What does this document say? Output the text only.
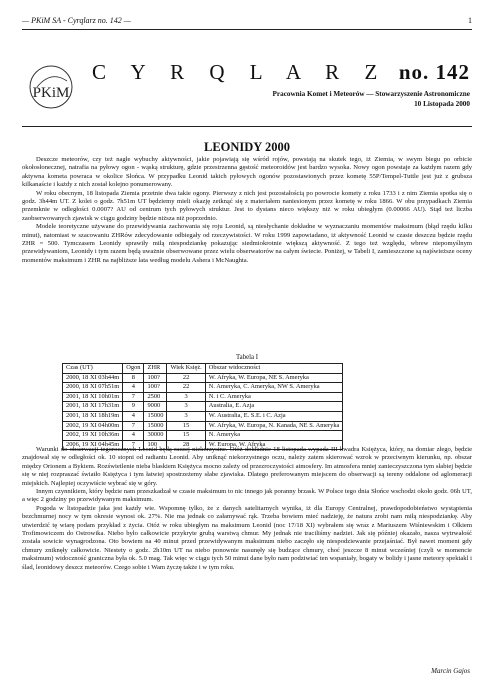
— PKiM SA - Cyrqlarz no. 142 —	1
PKiM
C Y R Q L A R Z no. 142
Pracownia Komet i Meteorów — Stowarzyszenie Astronomiczne
10 Listopada 2000
LEONIDY 2000

Deszcze meteorów, czy też nagłe wybuchy aktywności, jakie pojawiają się wśród rojów, powstają na skutek tego, iż Ziemia, w swym biegu po orbicie okołosłonecznej, natrafia na pyłowy ogon - wąską strukturę, gdzie przestrzenna gęstość meteoroidów jest bardzo wysoka. Nowy ogon powstaje za każdym razem gdy aktywna kometa powraca w okolice Słońca. W przypadku Leonid takich pyłowych ogonów pozostawionych przez kometę 55P/Tempel-Tuttle jest już z grubsza kilkanaście i każdy z nich został kolejno ponumerowany.

W roku obecnym, 18 listopada Ziemia przetnie dwa takie ogony. Pierwszy z nich jest pozostałością po powrocie komety z roku 1733 i z nim Ziemia spotka się o godz. 3h44m UT. Z kolei o godz. 7h51m UT będziemy mieli okazję zetknąć się z materiałem naniesionym przez kometę w roku 1866. W obu przypadkach Ziemia przemknie w odległości 0.0007? AU od centrum tych pyłowych struktur. Jest to dystans nieco większy niż w roku ubiegłym (0.00066 AU). Stąd też liczba zaobserwowanych zjawisk w ciągu godziny będzie niższa niż poprzednio.

Modele teoretyczne używane do przewidywania zachowania się roju Leonid, są niesłychanie dokładne w wyznaczaniu momentów maksimum (błąd rzędu kilku minut), natomiast w szacowaniu ZHRów zdecydowanie odbiegały od rzeczywistości. W roku 1999 zapowiadano, iż aktywność Leonid w czasie deszczu będzie rzędu ZHR = 500. Tymczasem Leonidy sprawiły miłą niespodziankę pokazując siedmiokrotnie większą aktywność. Z tego też względu, wbrew niepomyślnym przewidywaniom, Leonidy i tym razem będą uważnie obserwowane przez wielu obserwatorów na całym świecie. Poniżej, w Tabeli I, zamieszczone są najświeższe oceny momentów maksimum i ZHR na najbliższe lata według modelu Ashera i McNaughta.

Tabela I
Czas (UT)	Ogon	ZHR	Wiek Księż.	Obszar widoczności
2000, 18 XI 03h44m	8	100?	22	W. Afryka, W. Europa, NE S. Ameryka
2000, 18 XI 07h51m	4	100?	22	N. Ameryka, C. Ameryka, NW S. Ameryka
2001, 18 XI 10h01m	7	2500	3	N. i C. Ameryka
2001, 18 XI 17h31m	9	9000	3	Australia, E. Azja
2001, 18 XI 18h19m	4	15000	3	W. Australia, E. S.E. i C. Azja
2002, 19 XI 04h00m	7	15000	15	W. Afryka, W. Europa, N. Kanada, NE S. Ameryka
2002, 19 XI 10h36m	4	30000	15	N. Ameryka
2006, 19 XI 04h45m	7	100	28	W. Europa, W. Afryka

Warunki do obserwacji tegorocznych Leonid będą raczej niekorzystne. Otóż dokładnie 18 listopada wypada III kwadra Księżyca, który, na domiar złego, będzie znajdował się w odległości ok. 10 stopni od radiantu Leonid. Aby uniknąć niekorzystnego oczu, należy zatem skierować wzrok w przeciwnym kierunku, np. obszar między Orionem a Bykiem. Rozświetlenie nieba blaskiem Księżyca mocno zależy od przezroczystości atmosfery. Im atmosfera mniej zanieczyszczona tym słabiej będzie się w niej rozpraszać światło Księżyca i tym łatwiej spostrzeżemy słabe zjawiska. Dlatego preferowanym miejscem do obserwacji są tereny oddalone od aglomeracji miejskich. Najlepiej oczywiście wybrać się w góry.

Innym czynnikiem, który będzie nam przeszkadzał w czasie maksimum to nic innego jak poranny brzask. W Polsce tego dnia Słońce wschodzi około godz. 06h UT, a więc 2 godziny po przewidywanym maksimum.

Pogoda w listopadzie jaka jest każdy wie. Wspomnę tylko, że z danych satelitarnych wynika, iż dla Europy Centralnej, prawdopodobieństwo wystąpienia bezchmurnej nocy w tym okresie wynosi ok. 27%. Nie ma jednak co załamywać rąk. Trzeba bowiem mieć nadzieję, że natura zrobi nam miłą niespodziankę. Aby utwierdzić tę wiarę podam przykład z życia. Otóż w roku ubiegłym na maksimum Leonid (noc 17/18 XI) wybrałem się wraz z Mariuszem Wiśniewskim i Olkiem Trofimowiczem do Ostrowika. Niebo było całkowicie przykryte grubą warstwą chmur. My jednak nie traciliśmy nadziei. Jak się później okazało, nasza wytrwałość została sowicie wynagrodzona. Oto bowiem na 40 minut przed przewidywanym maksimum niebo zaczęło się niespodziewanie przejaśniać. Był nawet moment gdy chmury zniknęły całkowicie. Niestety o godz. 2h10m UT na niebo ponownie nasunęły się budzące chmury, choć jeszcze 8 minut wcześniej (czyli w momencie maksimum) widoczność graniczna była ok. 5.0 mag. Tak więc w ciągu tych 50 minut dane było nam podziwiać ten wspaniały, bogaty w bolidy i jasne meteory spektakl i ślad, leonidowy deszcz meteorów. Czego sobie i Wam życzę także i w tym roku.

Marcin Gajos
